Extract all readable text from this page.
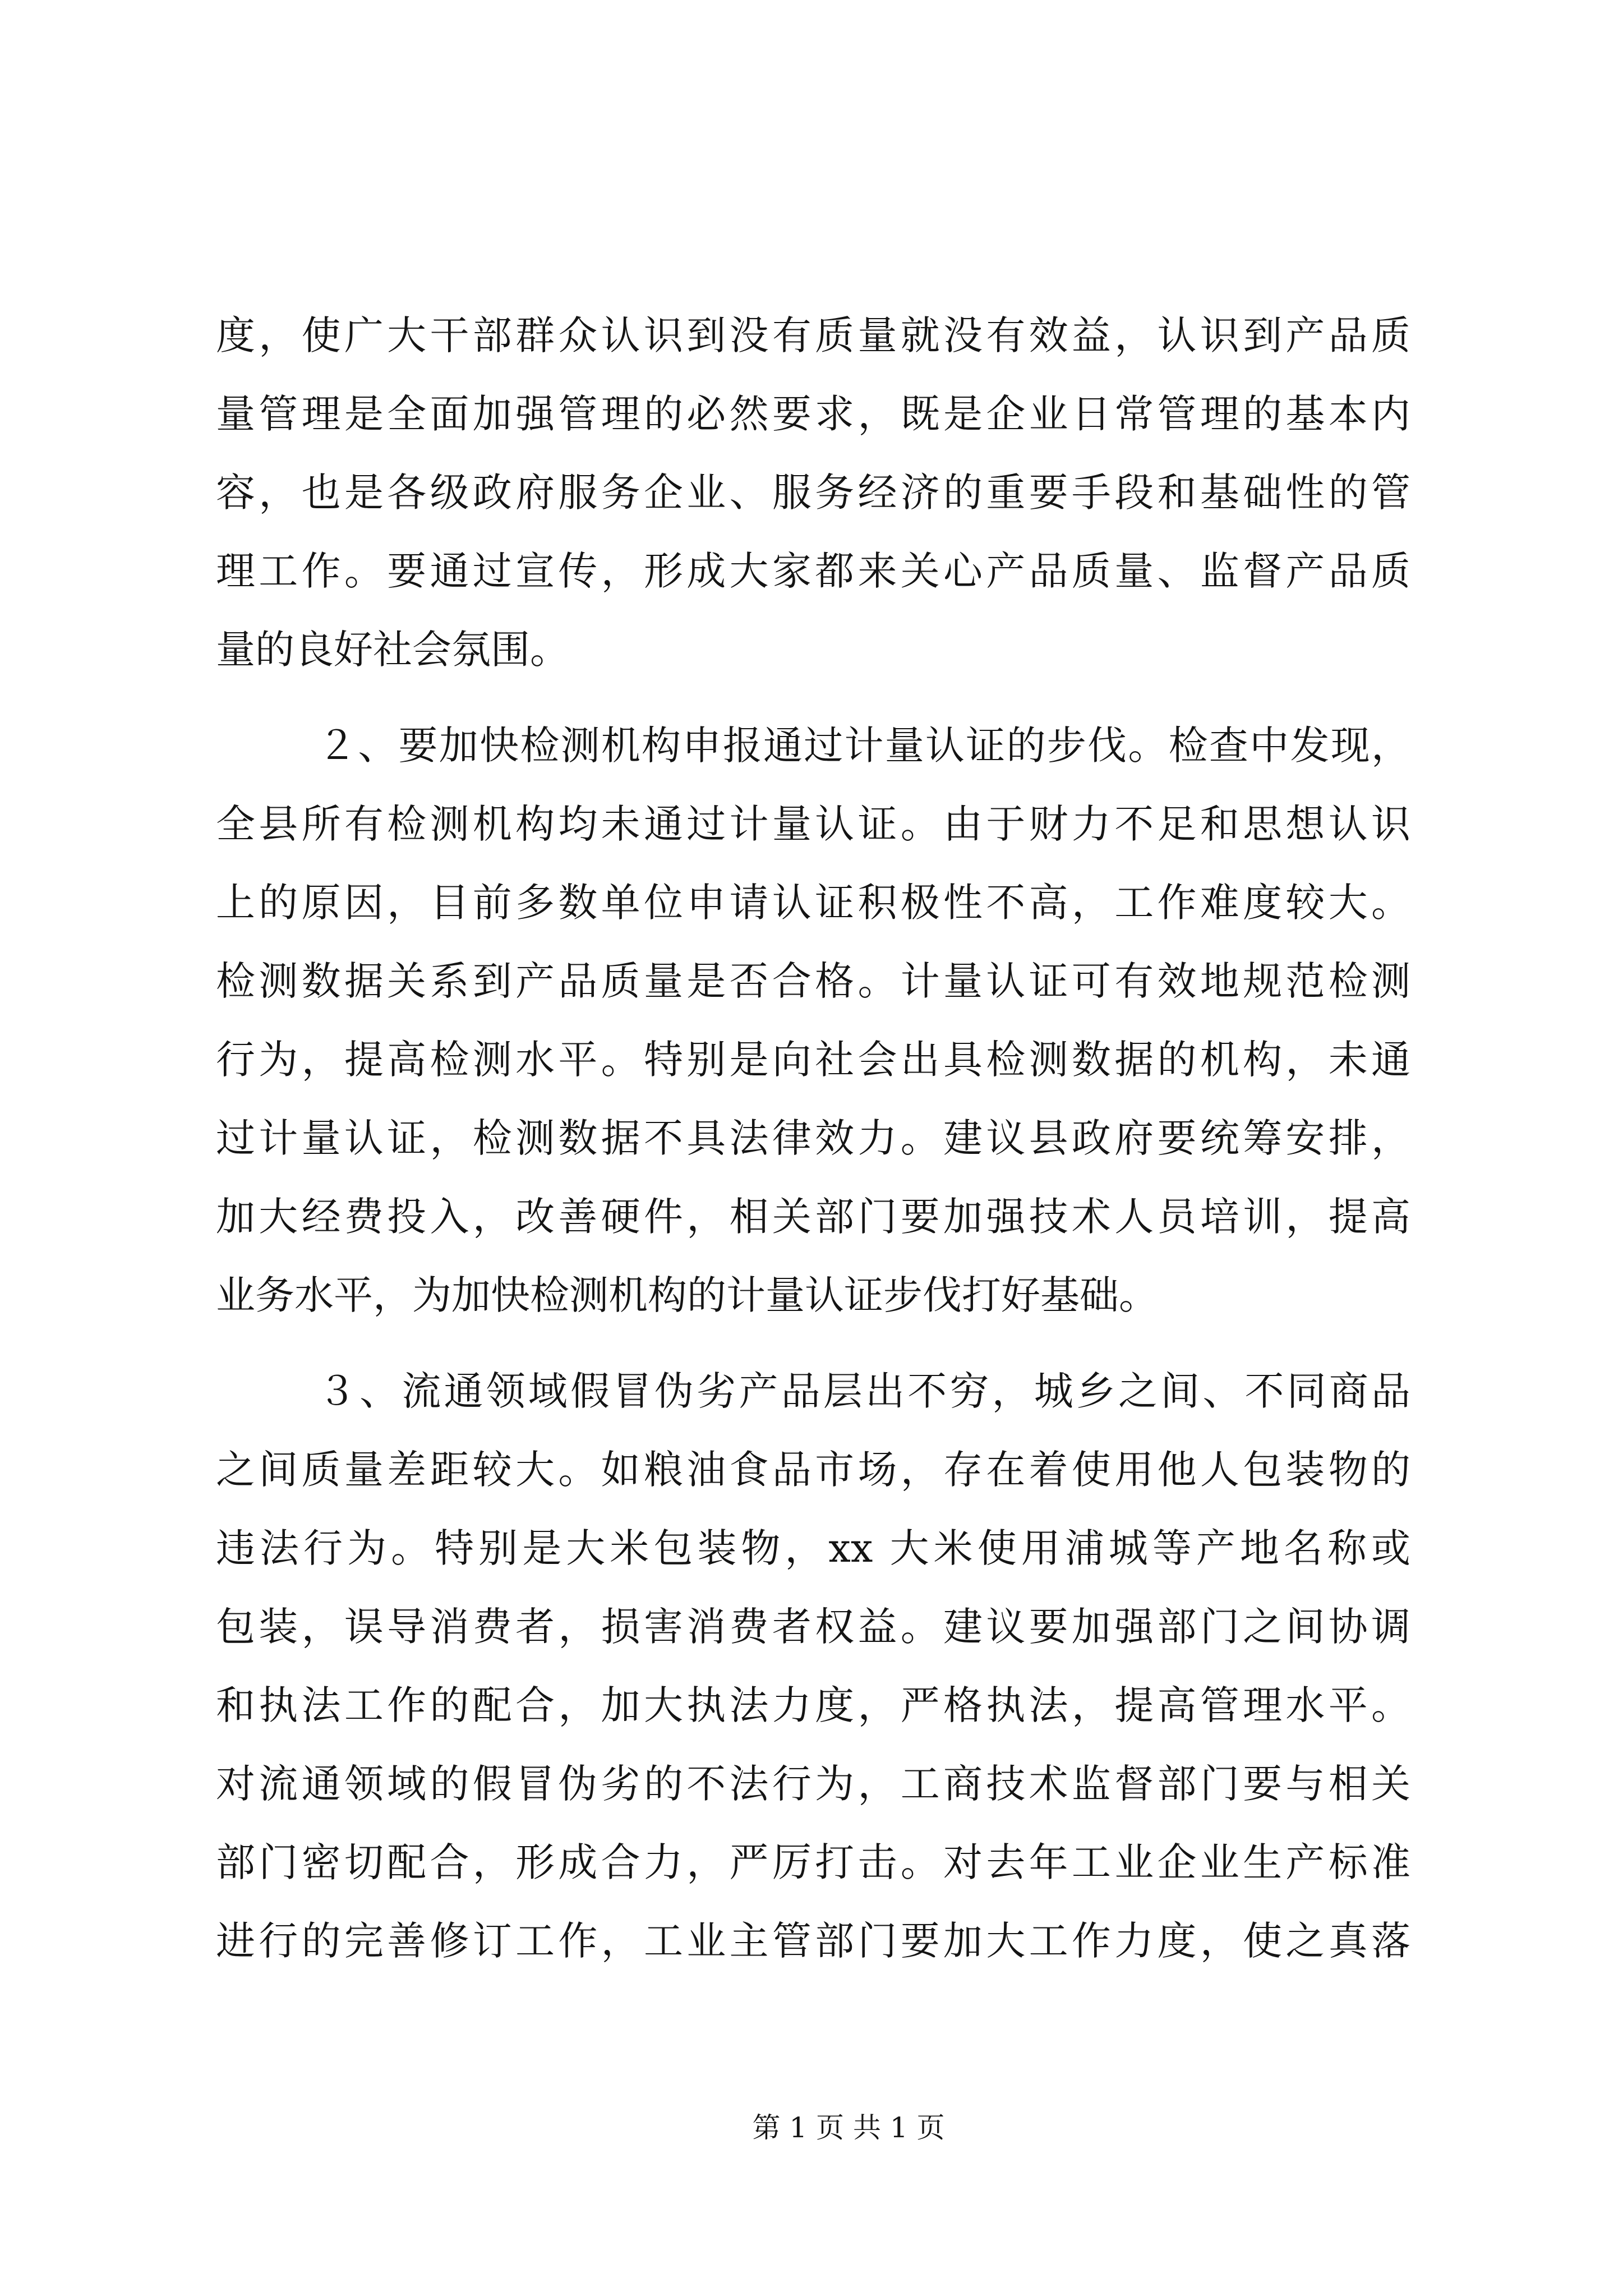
度，使广大干部群众认识到没有质量就没有效益，认识到产品质
量管理是全面加强管理的必然要求，既是企业日常管理的基本内
容，也是各级政府服务企业、服务经济的重要手段和基础性的管
理工作。要通过宣传，形成大家都来关心产品质量、监督产品质
量的良好社会氛围。
２、要加快检测机构申报通过计量认证的步伐。检查中发现，
全县所有检测机构均未通过计量认证。由于财力不足和思想认识
上的原因，目前多数单位申请认证积极性不高，工作难度较大。
检测数据关系到产品质量是否合格。计量认证可有效地规范检测
行为，提高检测水平。特别是向社会出具检测数据的机构，未通
过计量认证，检测数据不具法律效力。建议县政府要统筹安排，
加大经费投入，改善硬件，相关部门要加强技术人员培训，提高
业务水平，为加快检测机构的计量认证步伐打好基础。
３、流通领域假冒伪劣产品层出不穷，城乡之间、不同商品
之间质量差距较大。如粮油食品市场，存在着使用他人包装物的
违法行为。特别是大米包装物，xx 大米使用浦城等产地名称或
包装，误导消费者，损害消费者权益。建议要加强部门之间协调
和执法工作的配合，加大执法力度，严格执法，提高管理水平。
对流通领域的假冒伪劣的不法行为，工商技术监督部门要与相关
部门密切配合，形成合力，严厉打击。对去年工业企业生产标准
进行的完善修订工作，工业主管部门要加大工作力度，使之真落
第 1 页 共 1 页
